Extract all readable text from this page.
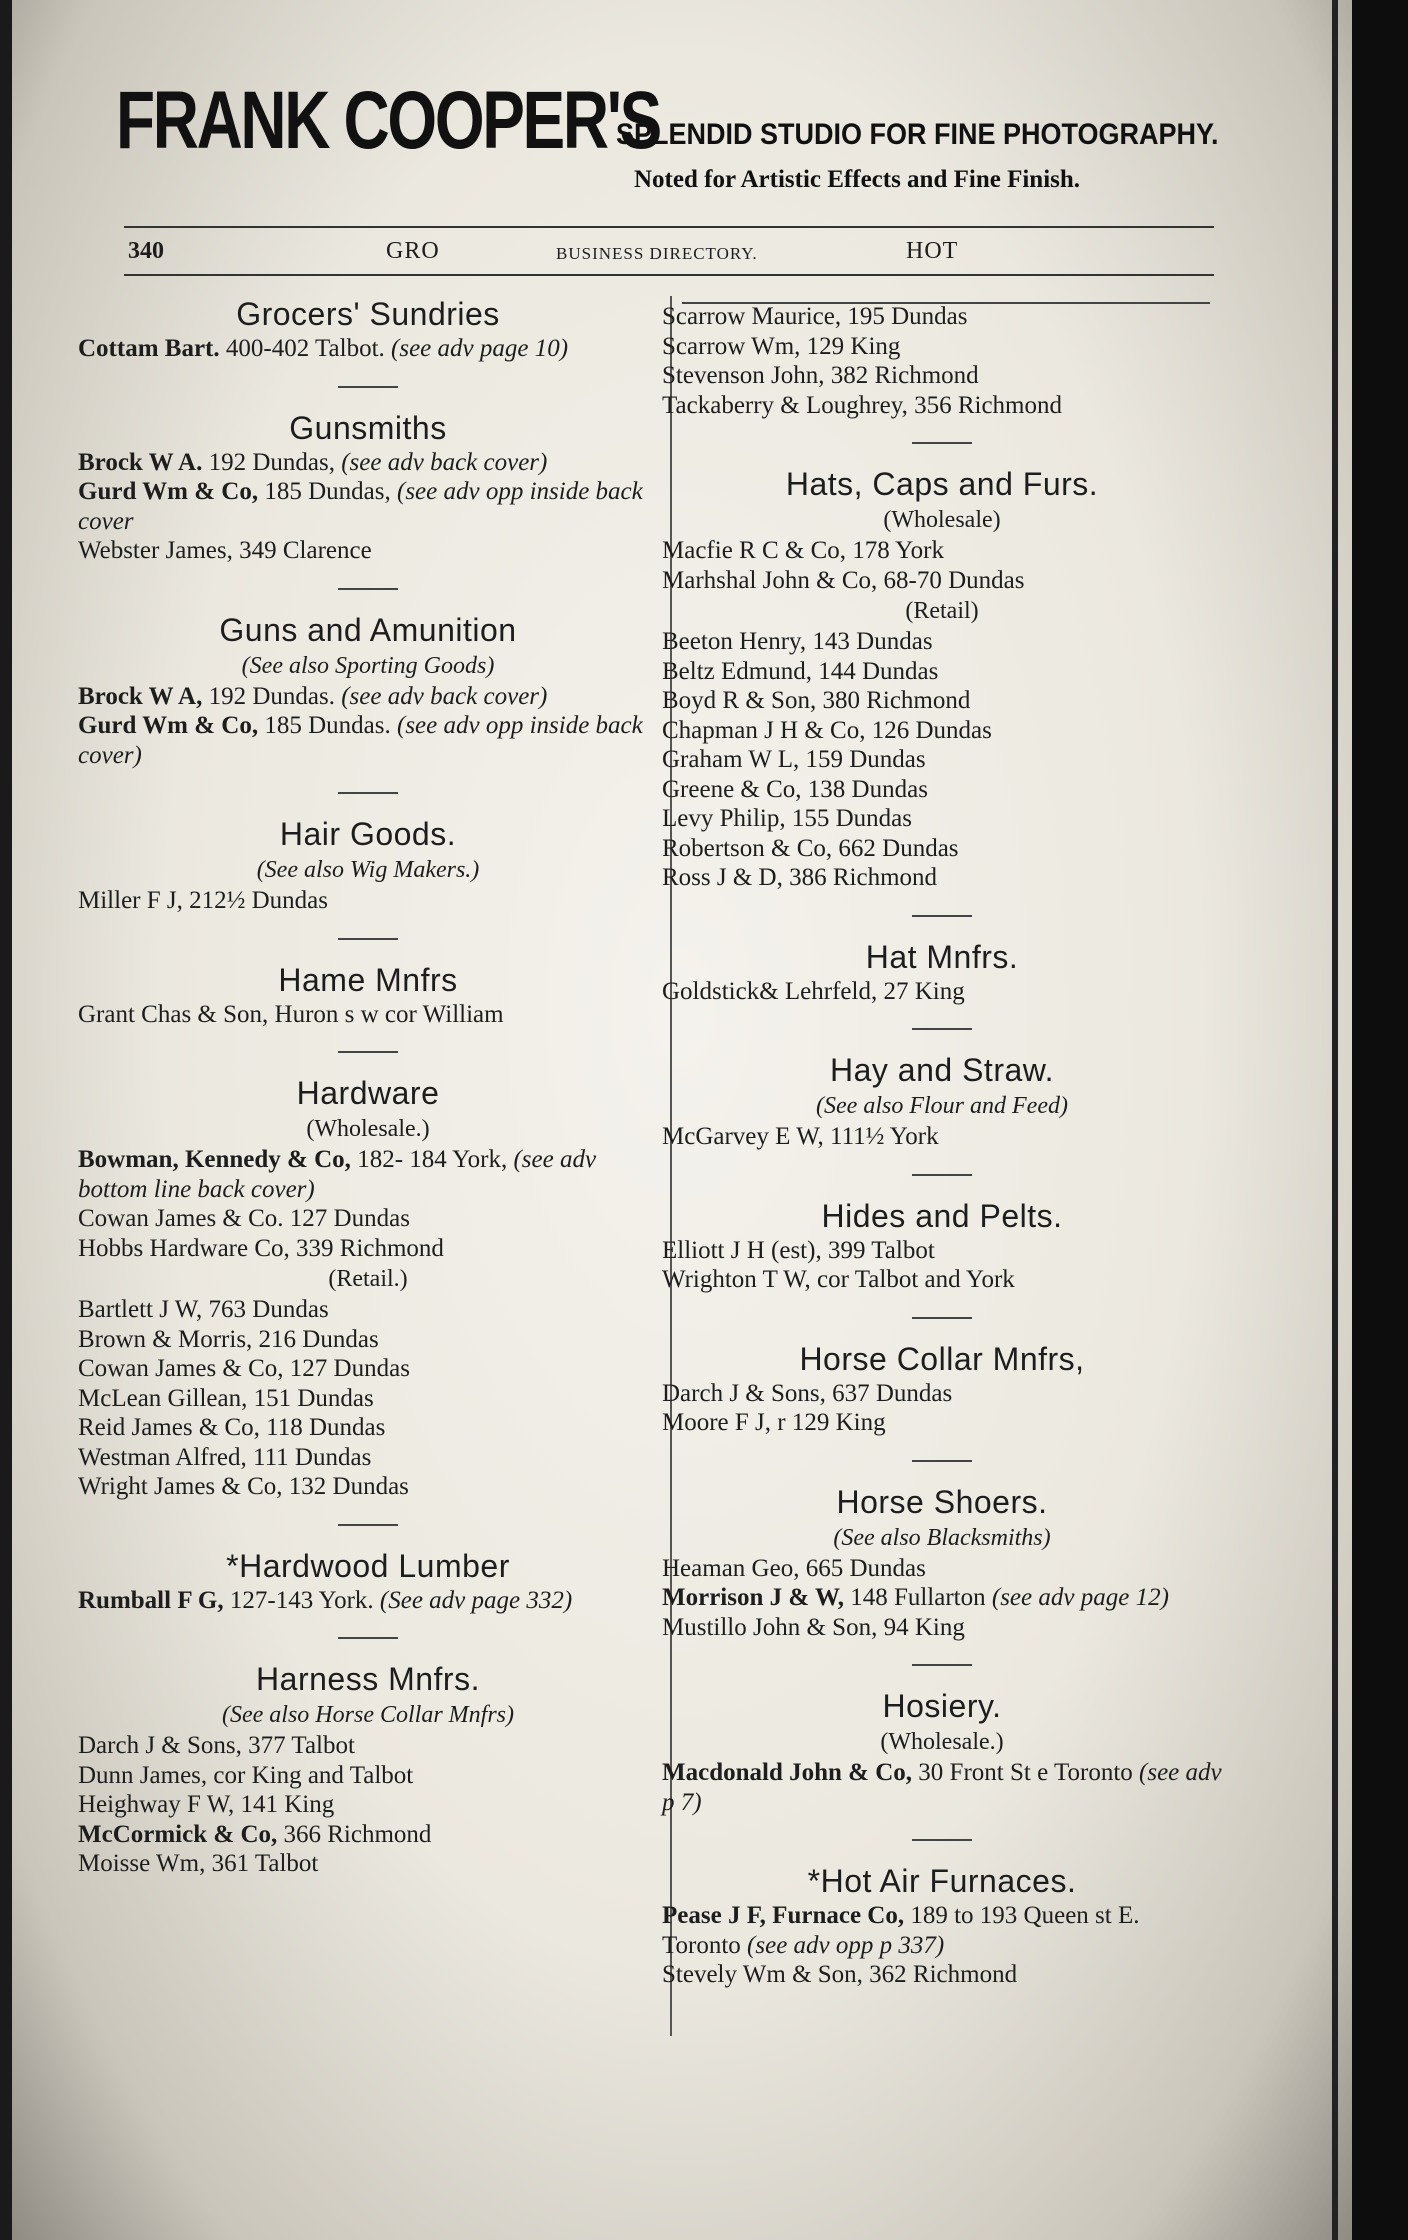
FRANK COOPER'S
SPLENDID STUDIO FOR FINE PHOTOGRAPHY.
Noted for Artistic Effects and Fine Finish.
340	GRO	BUSINESS DIRECTORY.	HOT
Grocers' Sundries
Cottam Bart. 400-402 Talbot. (see adv page 10)
Gunsmiths
Brock W A. 192 Dundas, (see adv back cover)
Gurd Wm & Co, 185 Dundas, (see adv opp inside back cover
Webster James, 349 Clarence
Guns and Amunition
(See also Sporting Goods)
Brock W A, 192 Dundas. (see adv back cover)
Gurd Wm & Co, 185 Dundas. (see adv opp inside back cover)
Hair Goods.
(See also Wig Makers.)
Miller F J, 212½ Dundas
Hame Mnfrs
Grant Chas & Son, Huron s w cor William
Hardware
(Wholesale.)
Bowman, Kennedy & Co, 182- 184 York, (see adv bottom line back cover)
Cowan James & Co. 127 Dundas
Hobbs Hardware Co, 339 Richmond
(Retail.)
Bartlett J W, 763 Dundas
Brown & Morris, 216 Dundas
Cowan James & Co, 127 Dundas
McLean Gillean, 151 Dundas
Reid James & Co, 118 Dundas
Westman Alfred, 111 Dundas
Wright James & Co, 132 Dundas
*Hardwood Lumber
Rumball F G, 127-143 York. (See adv page 332)
Harness Mnfrs.
(See also Horse Collar Mnfrs)
Darch J & Sons, 377 Talbot
Dunn James, cor King and Talbot
Heighway F W, 141 King
McCormick & Co, 366 Richmond
Moisse Wm, 361 Talbot
Scarrow Maurice, 195 Dundas
Scarrow Wm, 129 King
Stevenson John, 382 Richmond
Tackaberry & Loughrey, 356 Richmond
Hats, Caps and Furs.
(Wholesale)
Macfie R C & Co, 178 York
Marhshal John & Co, 68-70 Dundas
(Retail)
Beeton Henry, 143 Dundas
Beltz Edmund, 144 Dundas
Boyd R & Son, 380 Richmond
Chapman J H & Co, 126 Dundas
Graham W L, 159 Dundas
Greene & Co, 138 Dundas
Levy Philip, 155 Dundas
Robertson & Co, 662 Dundas
Ross J & D, 386 Richmond
Hat Mnfrs.
Goldstick& Lehrfeld, 27 King
Hay and Straw.
(See also Flour and Feed)
McGarvey E W, 111½ York
Hides and Pelts.
Elliott J H (est), 399 Talbot
Wrighton T W, cor Talbot and York
Horse Collar Mnfrs,
Darch J & Sons, 637 Dundas
Moore F J, r 129 King
Horse Shoers.
(See also Blacksmiths)
Heaman Geo, 665 Dundas
Morrison J & W, 148 Fullarton (see adv page 12)
Mustillo John & Son, 94 King
Hosiery.
(Wholesale.)
Macdonald John & Co, 30 Front St e Toronto (see adv p 7)
*Hot Air Furnaces.
Pease J F, Furnace Co, 189 to 193 Queen st E. Toronto (see adv opp p 337)
Stevely Wm & Son, 362 Richmond
